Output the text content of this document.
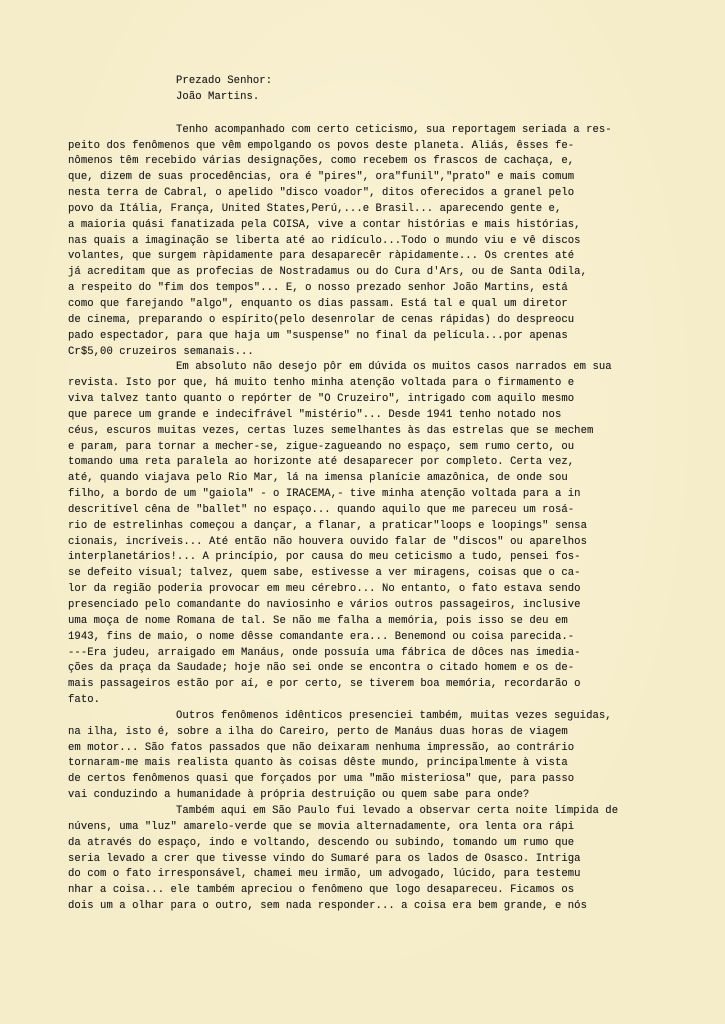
Prezado Senhor:
João Martins.
Tenho acompanhado com certo ceticismo, sua reportagem seriada a res-
peito dos fenômenos que vêm empolgando os povos deste planeta. Aliás, êsses fe-
nômenos têm recebido várias designações, como recebem os frascos de cachaça, e,
que, dizem de suas procedências, ora é "pires", ora"funil","prato" e mais comum
nesta terra de Cabral, o apelido "disco voador", ditos oferecidos a granel pelo
povo da Itália, França, United States,Perú,...e Brasil... aparecendo gente e,
a maioria quási fanatizada pela COISA, vive a contar histórias e mais histórias,
nas quais a imaginação se liberta até ao ridículo...Todo o mundo viu e vê discos
volantes, que surgem ràpidamente para desaparecêr ràpidamente... Os crentes até
já acreditam que as profecias de Nostradamus ou do Cura d'Ars, ou de Santa Odila,
a respeito do "fim dos tempos"... E, o nosso prezado senhor João Martins, está
como que farejando "algo", enquanto os dias passam. Está tal e qual um diretor
de cinema, preparando o espírito(pelo desenrolar de cenas rápidas) do despreocu
pado espectador, para que haja um "suspense" no final da película...por apenas
Cr$5,00 cruzeiros semanais...
Em absoluto não desejo pôr em dúvida os muitos casos narrados em sua
revista. Isto por que, há muito tenho minha atenção voltada para o firmamento e
viva talvez tanto quanto o repórter de "O Cruzeiro", intrigado com aquilo mesmo
que parece um grande e indecifrável "mistério"... Desde 1941 tenho notado nos
céus, escuros muitas vezes, certas luzes semelhantes às das estrelas que se mechem
e param, para tornar a mecher-se, zigue-zagueando no espaço, sem rumo certo, ou
tomando uma reta paralela ao horizonte até desaparecer por completo. Certa vez,
até, quando viajava pelo Rio Mar, lá na imensa planície amazônica, de onde sou
filho, a bordo de um "gaiola" - o IRACEMA,- tive minha atenção voltada para a in
descritível cêna de "ballet" no espaço... quando aquilo que me pareceu um rosá-
rio de estrelinhas começou a dançar, a flanar, a praticar"loops e loopings" sensa
cionais, incríveis... Até então não houvera ouvido falar de "discos" ou aparelhos
interplanetários!... A princípio, por causa do meu ceticismo a tudo, pensei fos-
se defeito visual; talvez, quem sabe, estivesse a ver miragens, coisas que o ca-
lor da região poderia provocar em meu cérebro... No entanto, o fato estava sendo
presenciado pelo comandante do naviosinho e vários outros passageiros, inclusive
uma moça de nome Romana de tal. Se não me falha a memória, pois isso se deu em
1943, fins de maio, o nome dêsse comandante era... Benemond ou coisa parecida.-
---Era judeu, arraigado em Manáus, onde possuía uma fábrica de dôces nas imedia-
ções da praça da Saudade; hoje não sei onde se encontra o citado homem e os de-
mais passageiros estão por aí, e por certo, se tiverem boa memória, recordarão o
fato.
Outros fenômenos idênticos presenciei também, muitas vezes seguidas,
na ilha, isto é, sobre a ilha do Careiro, perto de Manáus duas horas de viagem
em motor... São fatos passados que não deixaram nenhuma impressão, ao contrário
tornaram-me mais realista quanto às coisas dêste mundo, principalmente à vista
de certos fenômenos quasi que forçados por uma "mão misteriosa" que, para passo
vai conduzindo a humanidade à própria destruição ou quem sabe para onde?
Também aqui em São Paulo fui levado a observar certa noite límpida de
núvens, uma "luz" amarelo-verde que se movia alternadamente, ora lenta ora rápi
da através do espaço, indo e voltando, descendo ou subindo, tomando um rumo que
seria levado a crer que tivesse vindo do Sumaré para os lados de Osasco. Intriga
do com o fato irresponsável, chamei meu irmão, um advogado, lúcido, para testemu
nhar a coisa... ele também apreciou o fenômeno que logo desapareceu. Ficamos os
dois um a olhar para o outro, sem nada responder... a coisa era bem grande, e nós
